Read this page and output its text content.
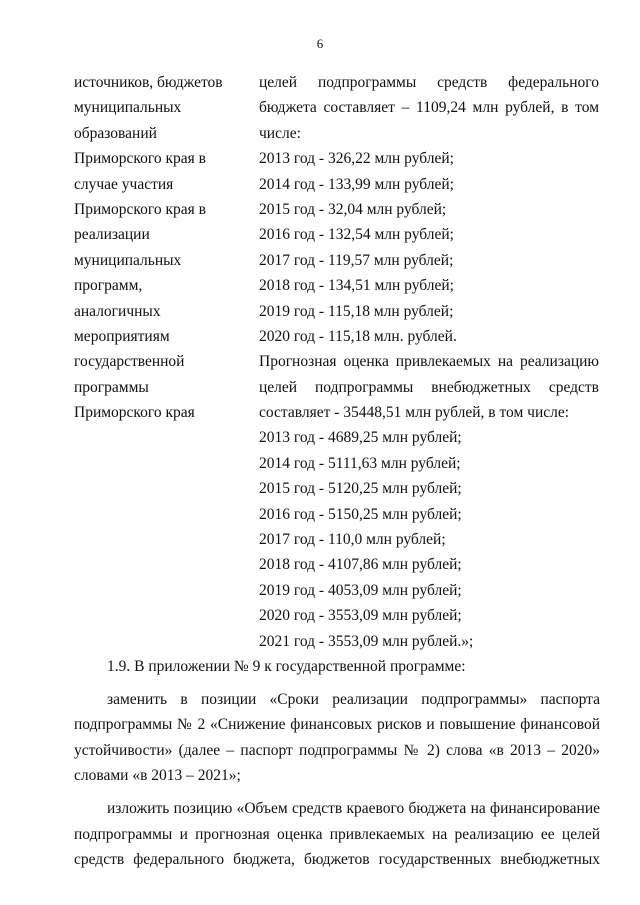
6
источников, бюджетов
муниципальных
образований
Приморского края в
случае участия
Приморского края в
реализации
муниципальных
программ,
аналогичных
мероприятиям
государственной
программы
Приморского края
целей подпрограммы средств федерального
бюджета составляет – 1109,24 млн рублей, в том
числе:
2013 год - 326,22 млн рублей;
2014 год - 133,99 млн рублей;
2015 год - 32,04 млн рублей;
2016 год - 132,54 млн рублей;
2017 год - 119,57 млн рублей;
2018 год - 134,51 млн рублей;
2019 год - 115,18 млн рублей;
2020 год - 115,18 млн. рублей.
Прогнозная оценка привлекаемых на реализацию
целей подпрограммы внебюджетных средств
составляет - 35448,51 млн рублей, в том числе:
2013 год - 4689,25 млн рублей;
2014 год - 5111,63 млн рублей;
2015 год - 5120,25 млн рублей;
2016 год - 5150,25 млн рублей;
2017 год - 110,0 млн рублей;
2018 год - 4107,86 млн рублей;
2019 год - 4053,09 млн рублей;
2020 год - 3553,09 млн рублей;
2021 год - 3553,09 млн рублей.»;
1.9. В приложении № 9 к государственной программе:
заменить в позиции «Сроки реализации подпрограммы» паспорта
подпрограммы № 2 «Снижение финансовых рисков и повышение финансовой
устойчивости» (далее – паспорт подпрограммы № 2) слова «в 2013 – 2020»
словами «в 2013 – 2021»;
изложить позицию «Объем средств краевого бюджета на финансирование
подпрограммы и прогнозная оценка привлекаемых на реализацию ее целей
средств федерального бюджета, бюджетов государственных внебюджетных
